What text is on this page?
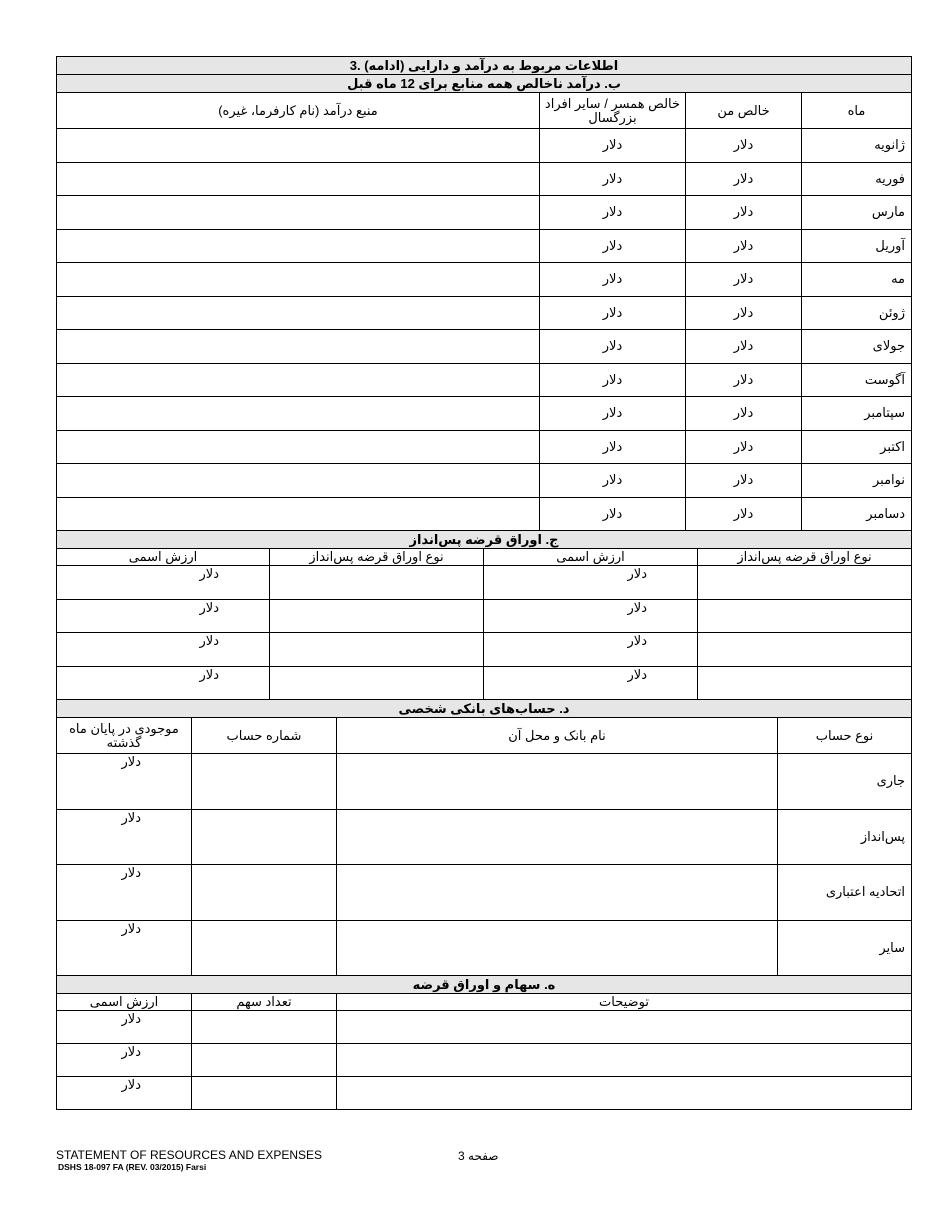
3. اطلاعات مربوط به درآمد و دارایی (ادامه)			
ب. درآمد ناخالص همه منابع برای 12 ماه قبل			
منبع درآمد (نام کارفرما، غیره)	خالص همسر / سایر افراد بزرگسال	خالص من	ماه
	دلار	دلار	ژانویه
	دلار	دلار	فوریه
	دلار	دلار	مارس
	دلار	دلار	آوریل
	دلار	دلار	مه
	دلار	دلار	ژوئن
	دلار	دلار	جولای
	دلار	دلار	آگوست
	دلار	دلار	سپتامبر
	دلار	دلار	اکتبر
	دلار	دلار	نوامبر
	دلار	دلار	دسامبر
ج. اوراق قرضه پس‌انداز			
ارزش اسمی	نوع اوراق قرضه پس‌انداز	ارزش اسمی	نوع اوراق قرضه پس‌انداز
دلار		دلار	
دلار		دلار	
دلار		دلار	
دلار		دلار	
د. حساب‌های بانکی شخصی			
موجودی در پایان ماه گذشته	شماره حساب	نام بانک و محل آن	نوع حساب
دلار			جاری
دلار			پس‌انداز
دلار			اتحادیه اعتباری
دلار			سایر
ه. سهام و اوراق قرضه		
ارزش اسمی	تعداد سهم	توضیحات
دلار		
دلار		
دلار		
STATEMENT OF RESOURCES AND EXPENSES
DSHS 18-097 FA (REV. 03/2015) Farsi
صفحه 3
